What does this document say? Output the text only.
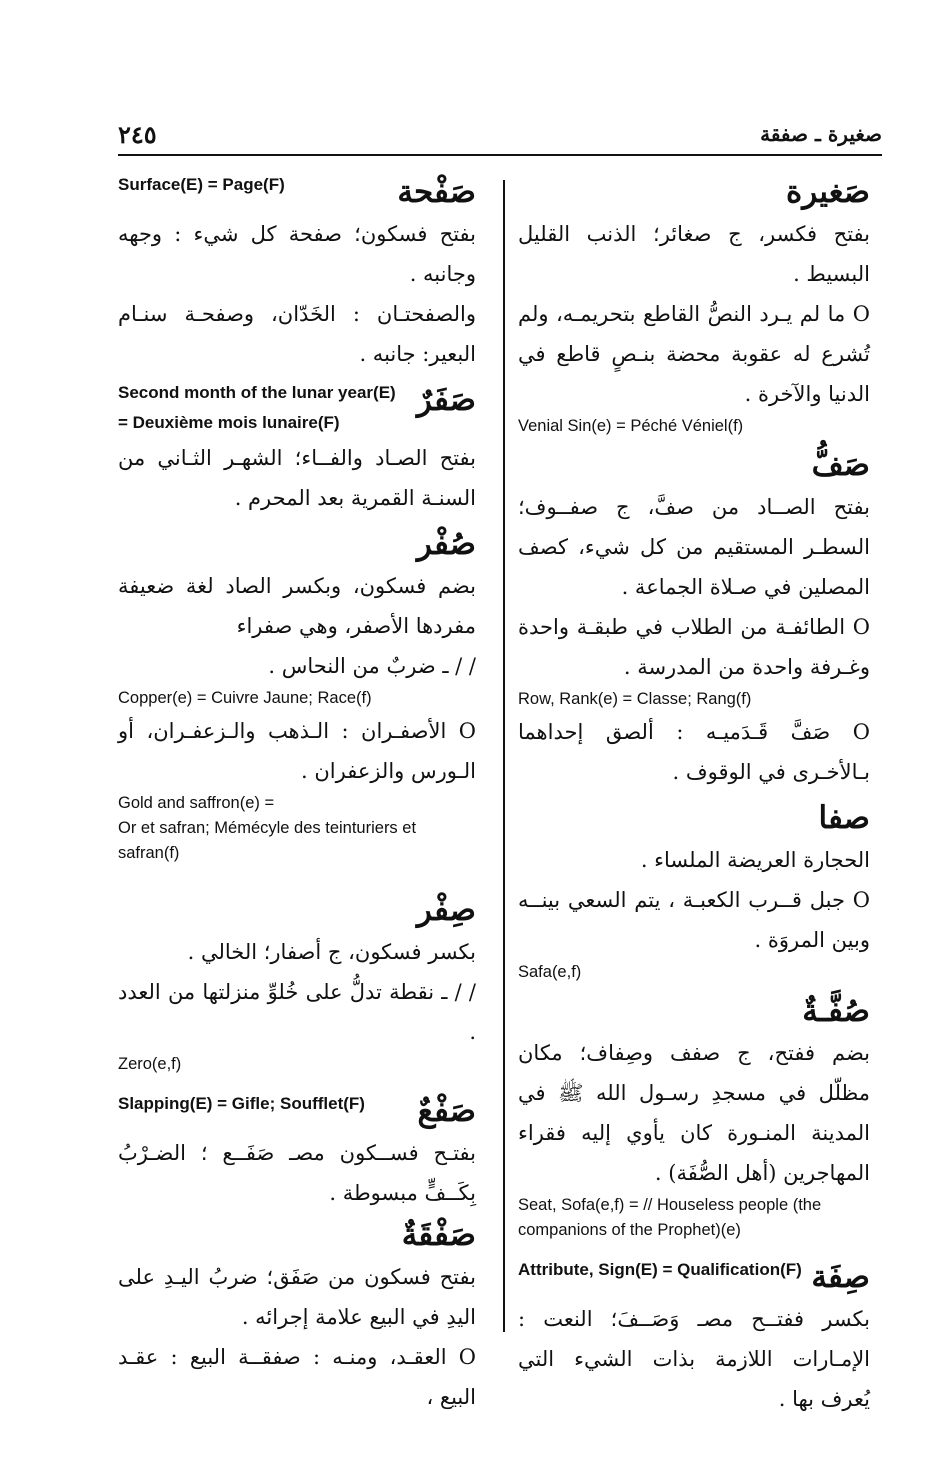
٢٤٥	صغيرة ـ صفقة
صَغيرة

بفتح فكسر، ج صغائر؛ الذنب القليل البسيط .

O ما لم يـرد النصُّ القاطع بتحريمـه، ولم تُشرع له عقوبة محضة بنـصٍ قاطع في الدنيا والآخرة .

Venial Sin(e) = Péché Véniel(f)

صَفُّ

بفتح الصــاد من صفَّ، ج صفــوف؛ السطـر المستقيم من كل شيء، كصف المصلين في صـلاة الجماعة .

O الطائفـة من الطلاب في طبقـة واحدة وغـرفة واحدة من المدرسة .

Row, Rank(e) = Classe; Rang(f)

O صَفَّ قَـدَميـه : ألصق إحداهما بـالأخـرى في الوقوف .

صفا

الحجارة العريضة الملساء .

O جبل قــرب الكعبـة ، يتم السعي بينــه وبين المروَة .

Safa(e,f)

صُفَّـةٌ

بضم ففتح، ج صفف وصِفاف؛ مكان مظلّل في مسجدِ رسـول الله ﷺ في المدينة المنـورة كان يأوي إليه فقراء المهاجرين (أهل الصُّفَة) .

Seat, Sofa(e,f) = // Houseless people (the companions of the Prophet)(e)

Attribute, Sign(E) = Qualification(F) صِفَة

بكسر ففتــح مصـ وَصَــفَ؛ النعت : الإمـارات اللازمة بذات الشيء التي يُعرف بها .

Surface(E) = Page(F)	صَفْحة

بفتح فسكون؛ صفحة كل شيء : وجهه وجانبه .

والصفحتـان : الخَدّان، وصفحـة سنـام البعير: جانبه .

Second month of the lunar year(E) = Deuxième mois lunaire(F)
صَفَرٌ

بفتح الصـاد والفــاء؛ الشهـر الثـاني من السنـة القمرية بعد المحرم .

صُفْر

بضم فسكون، وبكسر الصاد لغة ضعيفة مفردها الأصفر، وهي صفراء

/ / ـ ضربٌ من النحاس .

Copper(e) = Cuivre Jaune; Race(f)

O الأصفـران : الـذهب والـزعفـران، أو الـورس والزعفران .

Gold and saffron(e) =

Or et safran; Mémécyle des teinturiers et safran(f)

صِفْر

بكسر فسكون، ج أصفار؛ الخالي .

/ / ـ نقطة تدلُّ على خُلوِّ منزلتها من العدد .

Zero(e,f)

Slapping(E) = Gifle; Soufflet(F) صَفْعٌ

بفتـح فســكون مصـ صَفَــع ؛ الضـرْبُ بِكَــفٍّ مبسوطة .

صَفْقَةٌ

بفتح فسكون من صَفَق؛ ضربُ اليـدِ على اليدِ في البيع علامة إجرائه .

O العقـد، ومنـه : صفقــة البيع : عقـد البيع ،
